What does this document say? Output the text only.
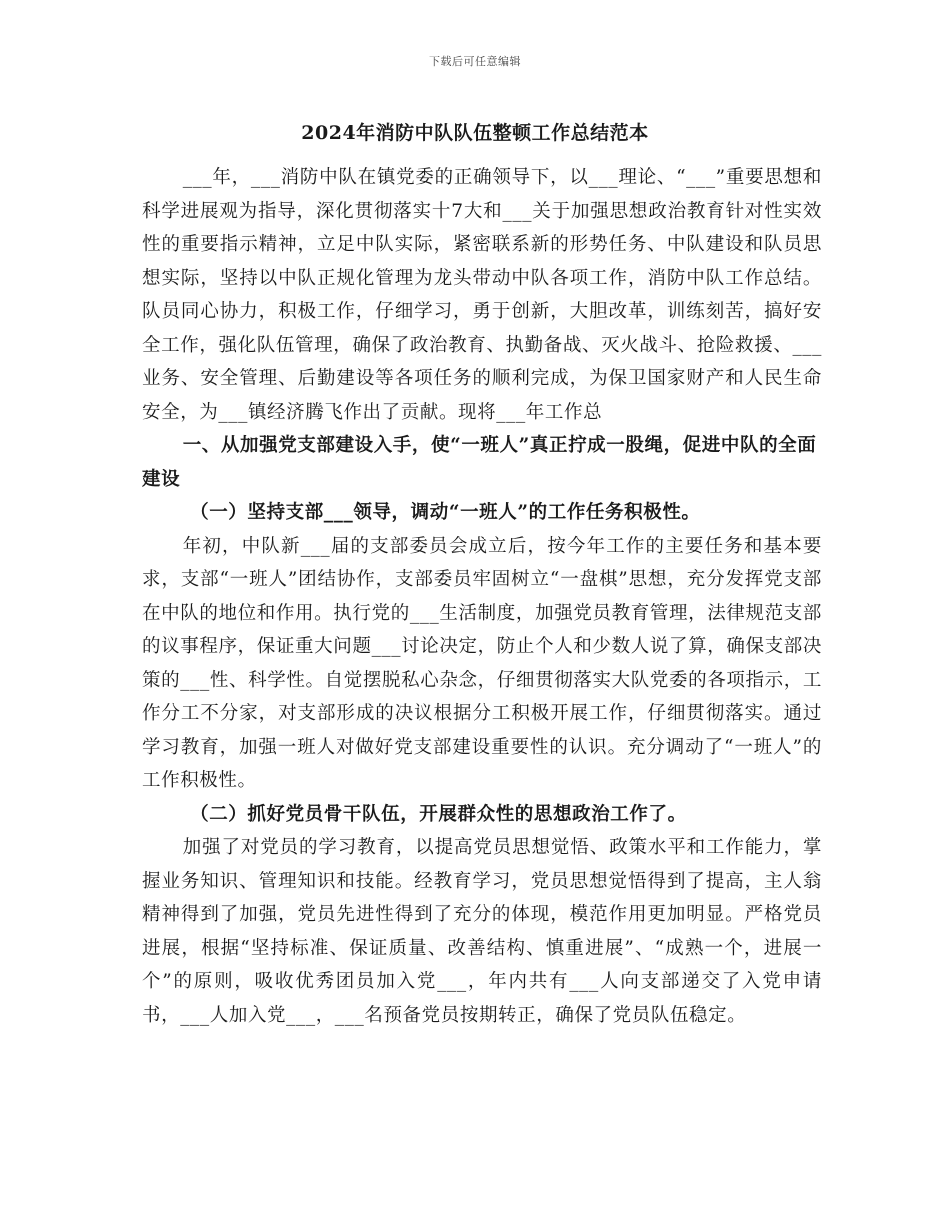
下载后可任意编辑
2024年消防中队队伍整顿工作总结范本

___年，___消防中队在镇党委的正确领导下，以___理论、“___”重要思想和科学进展观为指导，深化贯彻落实十7大和___关于加强思想政治教育针对性实效性的重要指示精神，立足中队实际，紧密联系新的形势任务、中队建设和队员思想实际，坚持以中队正规化管理为龙头带动中队各项工作，消防中队工作总结。队员同心协力，积极工作，仔细学习，勇于创新，大胆改革，训练刻苦，搞好安全工作，强化队伍管理，确保了政治教育、执勤备战、灭火战斗、抢险救援、___业务、安全管理、后勤建设等各项任务的顺利完成，为保卫国家财产和人民生命安全，为___镇经济腾飞作出了贡献。现将___年工作总

一、从加强党支部建设入手，使“一班人”真正拧成一股绳，促进中队的全面建设

（一）坚持支部___领导，调动“一班人”的工作任务积极性。

年初，中队新___届的支部委员会成立后，按今年工作的主要任务和基本要求，支部“一班人”团结协作，支部委员牢固树立“一盘棋”思想，充分发挥党支部在中队的地位和作用。执行党的___生活制度，加强党员教育管理，法律规范支部的议事程序，保证重大问题___讨论决定，防止个人和少数人说了算，确保支部决策的___性、科学性。自觉摆脱私心杂念，仔细贯彻落实大队党委的各项指示，工作分工不分家，对支部形成的决议根据分工积极开展工作，仔细贯彻落实。通过学习教育，加强一班人对做好党支部建设重要性的认识。充分调动了“一班人”的工作积极性。

（二）抓好党员骨干队伍，开展群众性的思想政治工作了。

加强了对党员的学习教育，以提高党员思想觉悟、政策水平和工作能力，掌握业务知识、管理知识和技能。经教育学习，党员思想觉悟得到了提高，主人翁精神得到了加强，党员先进性得到了充分的体现，模范作用更加明显。严格党员进展，根据“坚持标准、保证质量、改善结构、慎重进展”、“成熟一个，进展一个”的原则，吸收优秀团员加入党___，年内共有___人向支部递交了入党申请书，___人加入党___，___名预备党员按期转正，确保了党员队伍稳定。
